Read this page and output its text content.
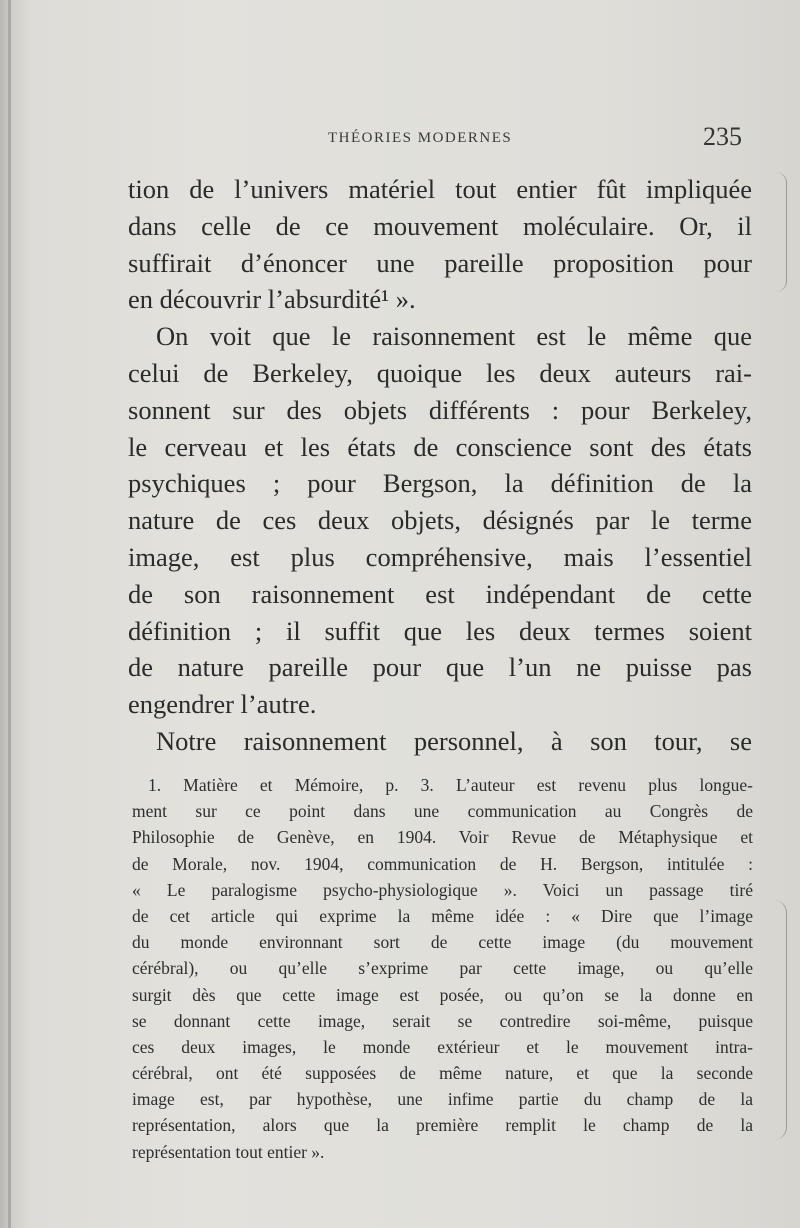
THÉORIES MODERNES	235
tion de l’univers matériel tout entier fût impliquée
dans celle de ce mouvement moléculaire. Or, il
suffirait d’énoncer une pareille proposition pour
en découvrir l’absurdité¹ ».
On voit que le raisonnement est le même que
celui de Berkeley, quoique les deux auteurs rai-
sonnent sur des objets différents : pour Berkeley,
le cerveau et les états de conscience sont des états
psychiques ; pour Bergson, la définition de la
nature de ces deux objets, désignés par le terme
image, est plus compréhensive, mais l’essentiel
de son raisonnement est indépendant de cette
définition ; il suffit que les deux termes soient
de nature pareille pour que l’un ne puisse pas
engendrer l’autre.
Notre raisonnement personnel, à son tour, se
1. Matière et Mémoire, p. 3. L’auteur est revenu plus longue-
ment sur ce point dans une communication au Congrès de
Philosophie de Genève, en 1904. Voir Revue de Métaphysique et
de Morale, nov. 1904, communication de H. Bergson, intitulée :
« Le paralogisme psycho-physiologique ». Voici un passage tiré
de cet article qui exprime la même idée : « Dire que l’image
du monde environnant sort de cette image (du mouvement
cérébral), ou qu’elle s’exprime par cette image, ou qu’elle
surgit dès que cette image est posée, ou qu’on se la donne en
se donnant cette image, serait se contredire soi-même, puisque
ces deux images, le monde extérieur et le mouvement intra-
cérébral, ont été supposées de même nature, et que la seconde
image est, par hypothèse, une infime partie du champ de la
représentation, alors que la première remplit le champ de la
représentation tout entier ».
